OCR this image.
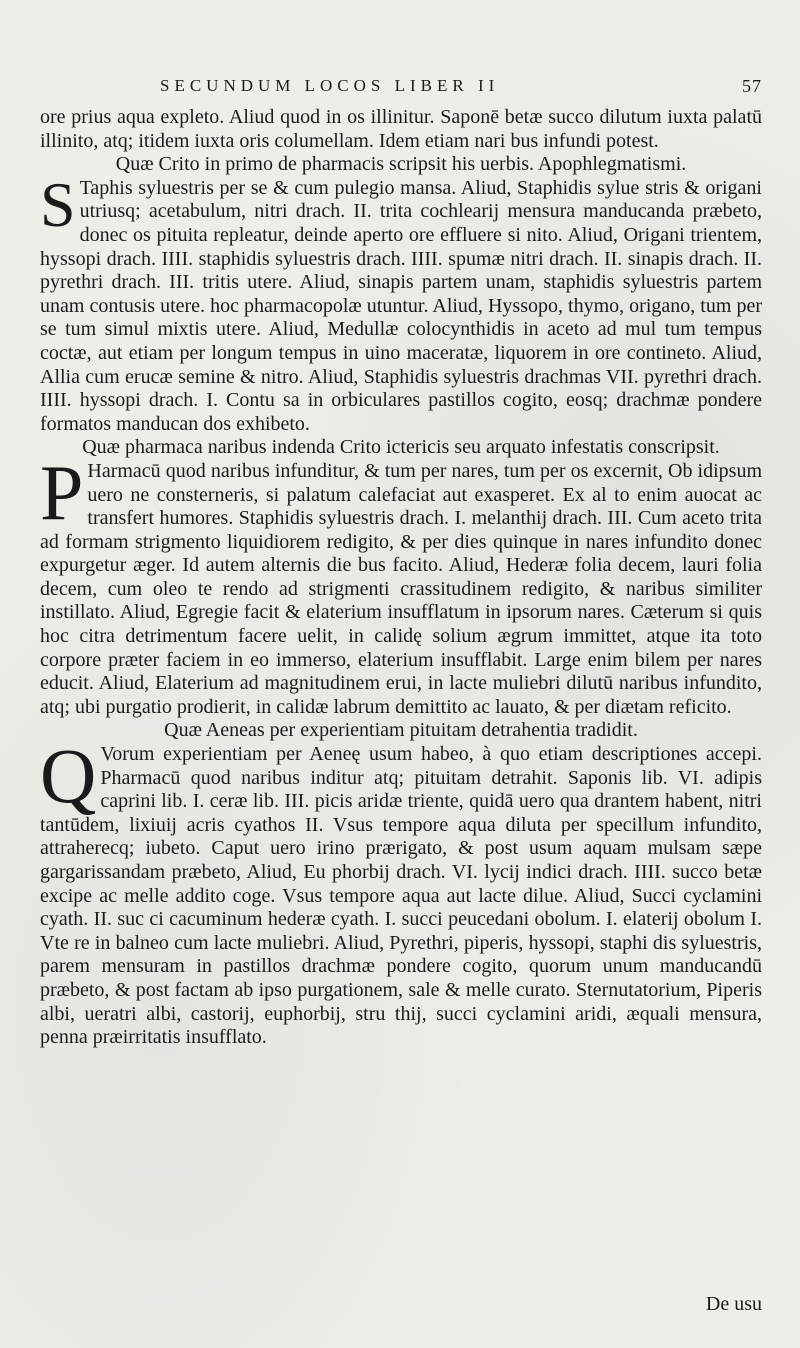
SECUNDUM LOCOS LIBER II	57

ore prius aqua expleto. Aliud quod in os illinitur. Saponē betæ succo dilutum iuxta palatū illinito, atq; itidem iuxta oris columellam. Idem etiam nari bus infundi potest.

Quæ Crito in primo de pharmacis scripsit his uerbis. Apophlegmatismi.

S Taphis syluestris per se & cum pulegio mansa. Aliud, Staphidis sylue stris & origani utriusq; acetabulum, nitri drach. II. trita cochlearij mensura manducanda præbeto, donec os pituita repleatur, deinde aperto ore effluere si nito. Aliud, Origani trientem, hyssopi drach. IIII. staphidis syluestris drach. IIII. spumæ nitri drach. II. sinapis drach. II. pyrethri drach. III. tritis utere. Aliud, sinapis partem unam, staphidis syluestris partem unam contusis utere. hoc pharmacopolæ utuntur. Aliud, Hyssopo, thymo, origano, tum per se tum simul mixtis utere. Aliud, Medullæ colocynthidis in aceto ad mul tum tempus coctæ, aut etiam per longum tempus in uino maceratæ, liquorem in ore contineto. Aliud, Allia cum erucæ semine & nitro. Aliud, Staphidis syluestris drachmas VII. pyrethri drach. IIII. hyssopi drach. I. Contu sa in orbiculares pastillos cogito, eosq; drachmæ pondere formatos manducan dos exhibeto.

Quæ pharmaca naribus indenda Crito ictericis seu arquato infestatis conscripsit.

P Harmacū quod naribus infunditur, & tum per nares, tum per os excernit, Ob idipsum uero ne consterneris, si palatum calefaciat aut exasperet. Ex al to enim auocat ac transfert humores. Staphidis syluestris drach. I. melanthij drach. III. Cum aceto trita ad formam strigmento liquidiorem redigito, & per dies quinque in nares infundito donec expurgetur æger. Id autem alternis die bus facito. Aliud, Hederæ folia decem, lauri folia decem, cum oleo te rendo ad strigmenti crassitudinem redigito, & naribus similiter instillato. Aliud, Egregie facit & elaterium insufflatum in ipsorum nares. Cæterum si quis hoc citra detrimentum facere uelit, in calidę solium ægrum immittet, atque ita toto corpore præter faciem in eo immerso, elaterium insufflabit. Large enim bilem per nares educit. Aliud, Elaterium ad magnitudinem erui, in lacte muliebri dilutū naribus infundito, atq; ubi purgatio prodierit, in calidæ labrum demittito ac lauato, & per diætam reficito.

Quæ Aeneas per experientiam pituitam detrahentia tradidit.

Q Vorum experientiam per Aeneę usum habeo, à quo etiam descriptiones accepi. Pharmacū quod naribus inditur atq; pituitam detrahit. Saponis lib. VI. adipis caprini lib. I. ceræ lib. III. picis aridæ triente, quidā uero qua drantem habent, nitri tantūdem, lixiuij acris cyathos II. Vsus tempore aqua diluta per specillum infundito, attraherecq; iubeto. Caput uero irino prærigato, & post usum aquam mulsam sæpe gargarissandam præbeto, Aliud, Eu phorbij drach. VI. lycij indici drach. IIII. succo betæ excipe ac melle addito coge. Vsus tempore aqua aut lacte dilue. Aliud, Succi cyclamini cyath. II. suc ci cacuminum hederæ cyath. I. succi peucedani obolum. I. elaterij obolum I. Vte re in balneo cum lacte muliebri. Aliud, Pyrethri, piperis, hyssopi, staphi dis syluestris, parem mensuram in pastillos drachmæ pondere cogito, quorum unum manducandū præbeto, & post factam ab ipso purgationem, sale & melle curato. Sternutatorium, Piperis albi, ueratri albi, castorij, euphorbij, stru thij, succi cyclamini aridi, æquali mensura, penna præirritatis insufflato.

De usu
